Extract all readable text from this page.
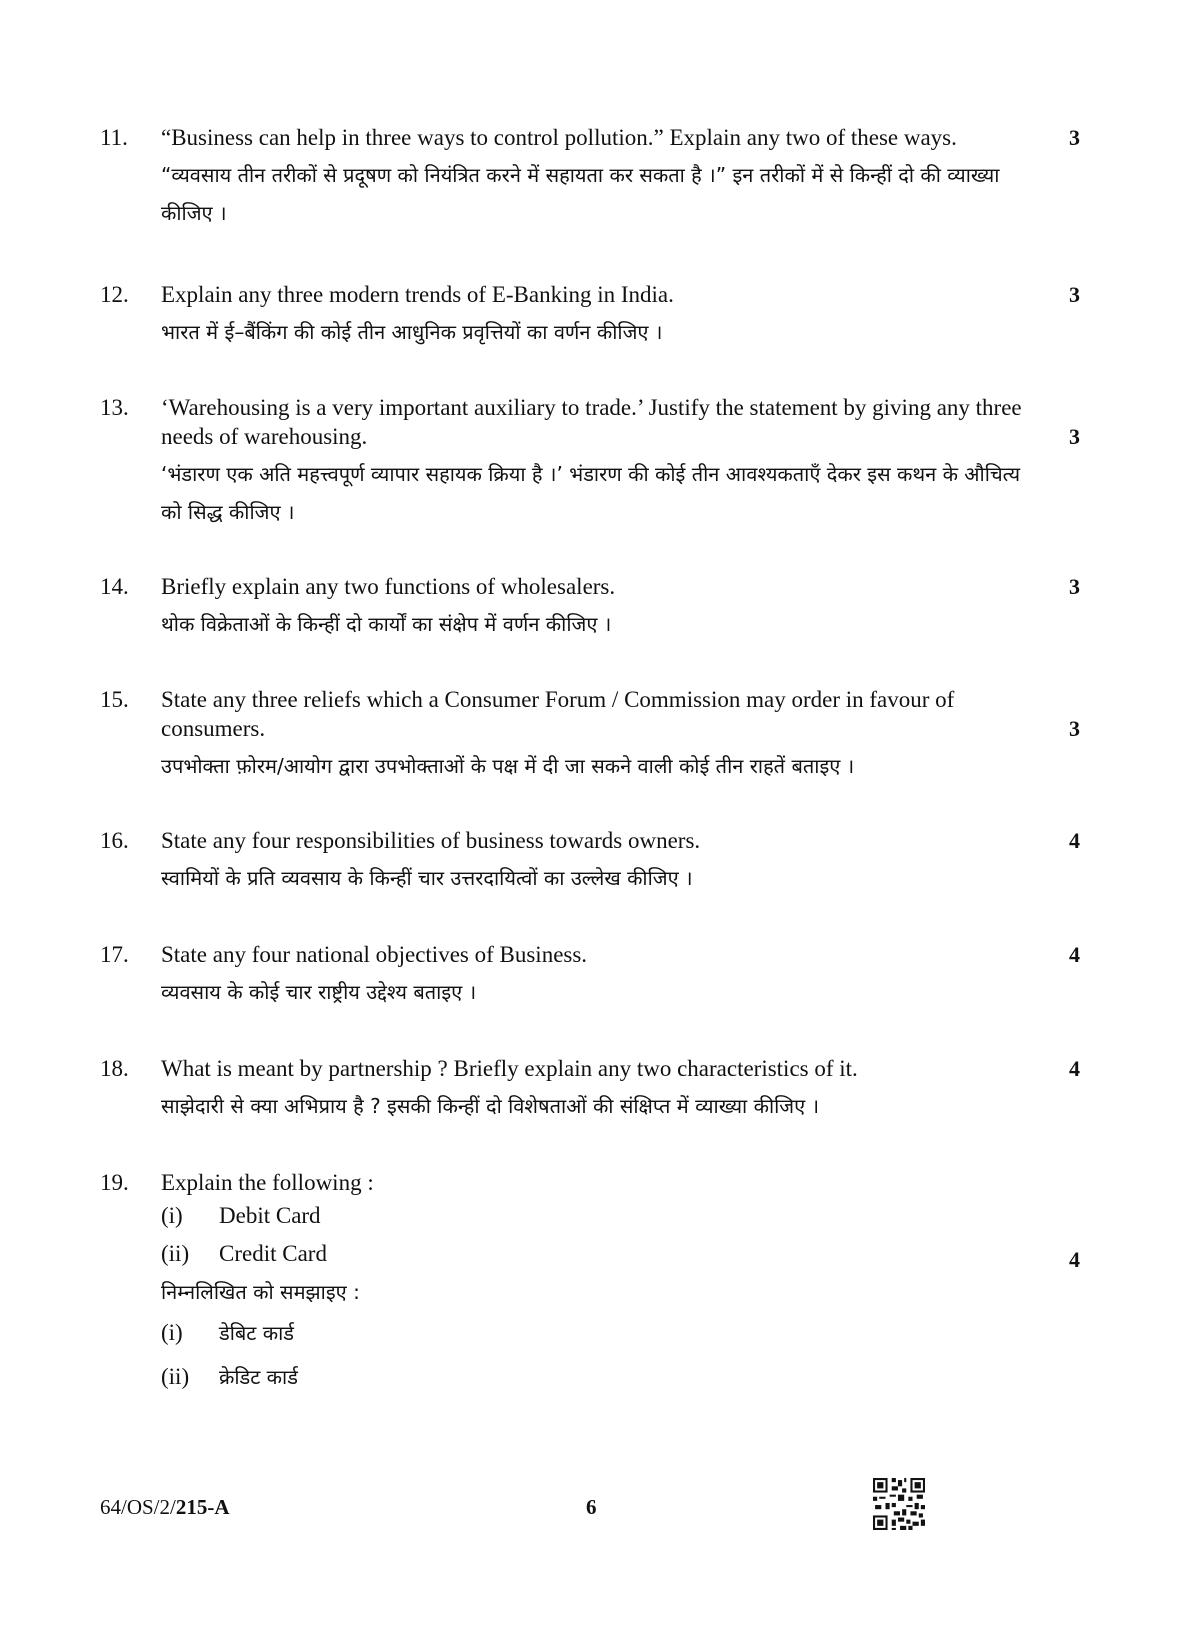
11. “Business can help in three ways to control pollution.” Explain any two of these ways.	3
“व्यवसाय तीन तरीकों से प्रदूषण को नियंत्रित करने में सहायता कर सकता है ।” इन तरीकों में से किन्हीं दो की व्याख्या कीजिए ।
12. Explain any three modern trends of E-Banking in India.	3
भारत में ई–बैंकिंग की कोई तीन आधुनिक प्रवृत्तियों का वर्णन कीजिए ।
13. ‘Warehousing is a very important auxiliary to trade.’ Justify the statement by giving any three needs of warehousing.	3
‘भंडारण एक अति महत्त्वपूर्ण व्यापार सहायक क्रिया है ।’ भंडारण की कोई तीन आवश्यकताएँ देकर इस कथन के औचित्य को सिद्ध कीजिए ।
14. Briefly explain any two functions of wholesalers.	3
थोक विक्रेताओं के किन्हीं दो कार्यों का संक्षेप में वर्णन कीजिए ।
15. State any three reliefs which a Consumer Forum / Commission may order in favour of consumers.	3
उपभोक्ता फ़ोरम/आयोग द्वारा उपभोक्ताओं के पक्ष में दी जा सकने वाली कोई तीन राहतें बताइए ।
16. State any four responsibilities of business towards owners.	4
स्वामियों के प्रति व्यवसाय के किन्हीं चार उत्तरदायित्वों का उल्लेख कीजिए ।
17. State any four national objectives of Business.	4
व्यवसाय के कोई चार राष्ट्रीय उद्देश्य बताइए ।
18. What is meant by partnership ? Briefly explain any two characteristics of it.	4
साझेदारी से क्या अभिप्राय है ? इसकी किन्हीं दो विशेषताओं की संक्षिप्त में व्याख्या कीजिए ।
19. Explain the following :
(i) Debit Card
(ii) Credit Card	4
निम्नलिखित को समझाइए :
(i) डेबिट कार्ड
(ii) क्रेडिट कार्ड
64/OS/2/215-A	6
